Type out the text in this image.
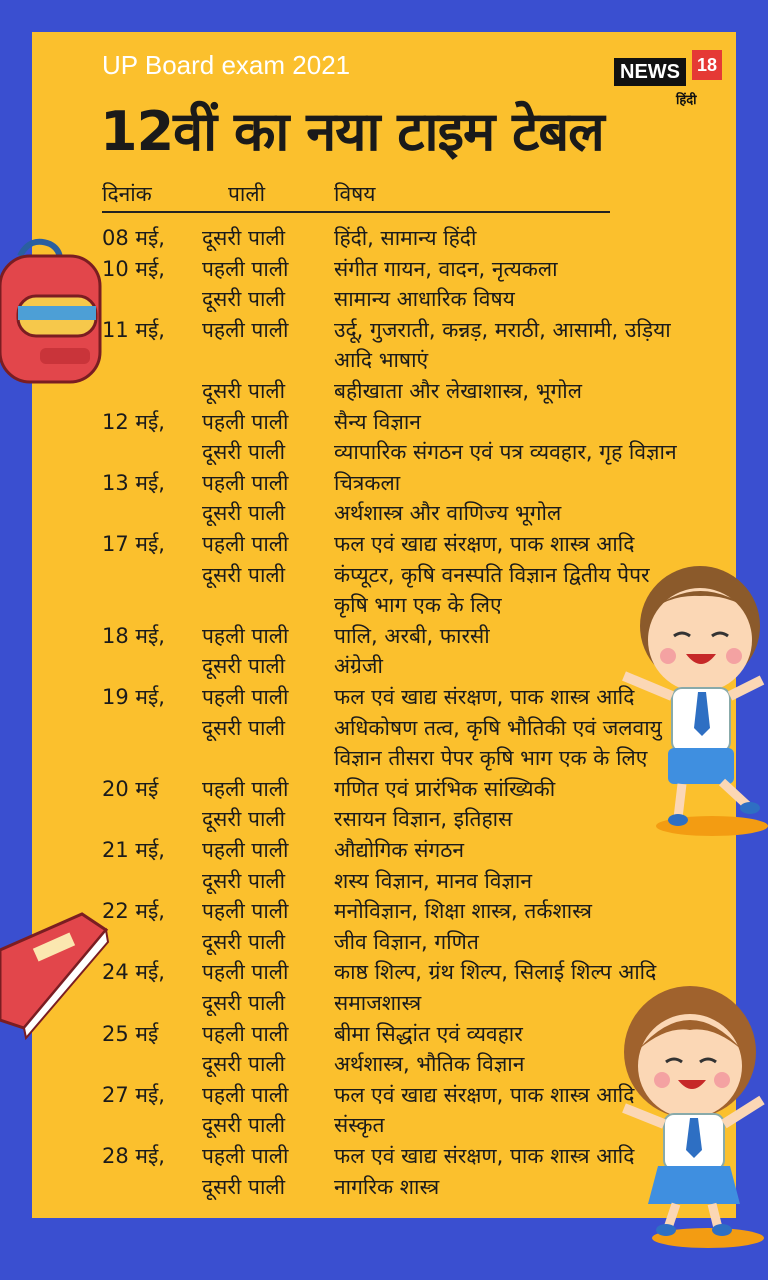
UP Board exam 2021
12वीं का नया टाइम टेबल
NEWS 18
हिंदी
दिनांक	पाली	विषय
08 मई, दूसरी पाली हिंदी, सामान्य हिंदी
10 मई, पहली पाली संगीत गायन, वादन, नृत्यकला
दूसरी पाली सामान्य आधारिक विषय
11 मई, पहली पाली उर्दू, गुजराती, कन्नड़, मराठी, आसामी, उड़िया
आदि भाषाएं
दूसरी पाली बहीखाता और लेखाशास्त्र, भूगोल
12 मई, पहली पाली सैन्य विज्ञान
दूसरी पाली व्यापारिक संगठन एवं पत्र व्यवहार, गृह विज्ञान
13 मई, पहली पाली चित्रकला
दूसरी पाली अर्थशास्त्र और वाणिज्य भूगोल
17 मई, पहली पाली फल एवं खाद्य संरक्षण, पाक शास्त्र आदि
दूसरी पाली कंप्यूटर, कृषि वनस्पति विज्ञान द्वितीय पेपर
कृषि भाग एक के लिए
18 मई, पहली पाली पालि, अरबी, फारसी
दूसरी पाली अंग्रेजी
19 मई, पहली पाली फल एवं खाद्य संरक्षण, पाक शास्त्र आदि
दूसरी पाली अधिकोषण तत्व, कृषि भौतिकी एवं जलवायु
विज्ञान तीसरा पेपर कृषि भाग एक के लिए
20 मई पहली पाली गणित एवं प्रारंभिक सांख्यिकी
दूसरी पाली रसायन विज्ञान, इतिहास
21 मई, पहली पाली औद्योगिक संगठन
दूसरी पाली शस्य विज्ञान, मानव विज्ञान
22 मई, पहली पाली मनोविज्ञान, शिक्षा शास्त्र, तर्कशास्त्र
दूसरी पाली जीव विज्ञान, गणित
24 मई, पहली पाली काष्ठ शिल्प, ग्रंथ शिल्प, सिलाई शिल्प आदि
दूसरी पाली समाजशास्त्र
25 मई पहली पाली बीमा सिद्धांत एवं व्यवहार
दूसरी पाली अर्थशास्त्र, भौतिक विज्ञान
27 मई, पहली पाली फल एवं खाद्य संरक्षण, पाक शास्त्र आदि
दूसरी पाली संस्कृत
28 मई, पहली पाली फल एवं खाद्य संरक्षण, पाक शास्त्र आदि
दूसरी पाली नागरिक शास्त्र
